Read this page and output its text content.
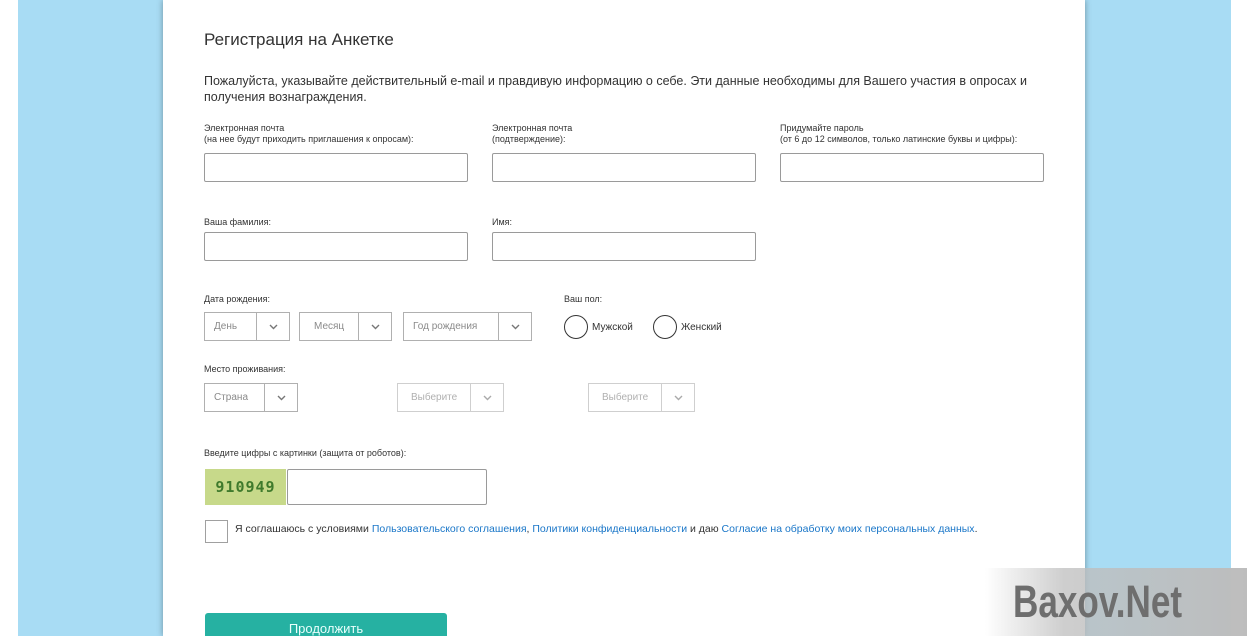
Регистрация на Анкетке
Пожалуйста, указывайте действительный e-mail и правдивую информацию о себе. Эти данные необходимы для Вашего участия в опросах и получения вознаграждения.
Электронная почта
(на нее будут приходить приглашения к опросам):
Электронная почта
(подтверждение):
Придумайте пароль
(от 6 до 12 символов, только латинские буквы и цифры):
Ваша фамилия:	Имя:
Дата рождения:
День	Месяц	Год рождения
Ваш пол:
Мужской	Женский
Место проживания:
Страна	Выберите	Выберите
Введите цифры с картинки (защита от роботов):
910949
Я соглашаюсь с условиями Пользовательского соглашения, Политики конфиденциальности и даю Согласие на обработку моих персональных данных.
Продолжить
Baxov.Net
